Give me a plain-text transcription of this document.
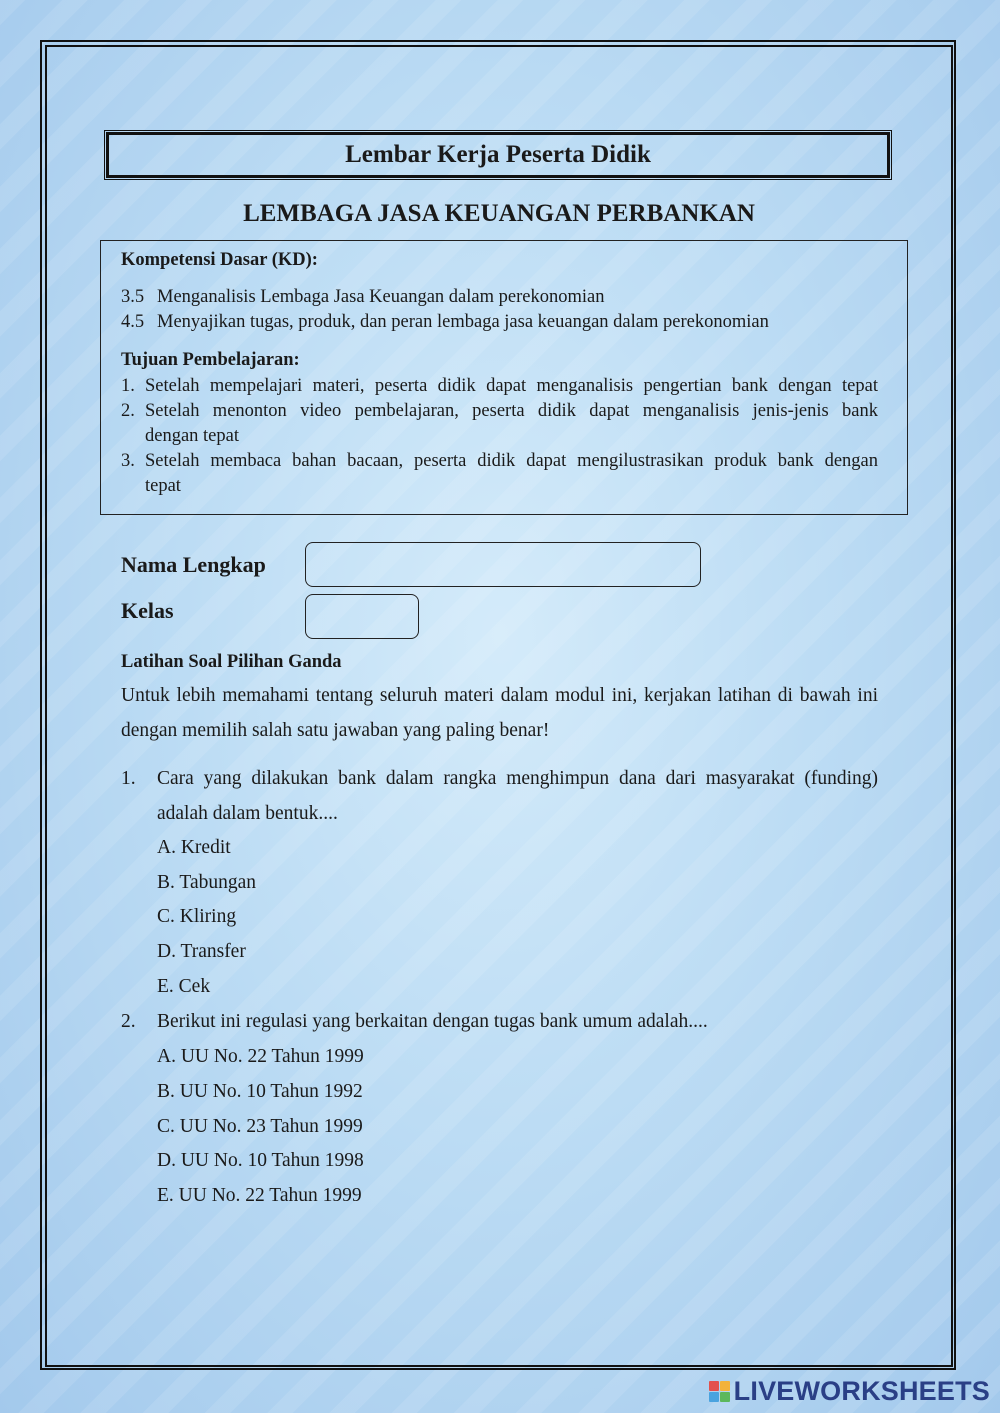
Lembar Kerja Peserta Didik
LEMBAGA JASA KEUANGAN PERBANKAN
Kompetensi Dasar (KD):
3.5 Menganalisis Lembaga Jasa Keuangan dalam perekonomian
4.5 Menyajikan tugas, produk, dan peran lembaga jasa keuangan dalam perekonomian
Tujuan Pembelajaran:
1. Setelah mempelajari materi, peserta didik dapat menganalisis pengertian bank dengan tepat
2. Setelah menonton video pembelajaran, peserta didik dapat menganalisis jenis-jenis bank
dengan tepat
3. Setelah membaca bahan bacaan, peserta didik dapat mengilustrasikan produk bank dengan
tepat
Nama Lengkap
Kelas
Latihan Soal Pilihan Ganda
Untuk lebih memahami tentang seluruh materi dalam modul ini, kerjakan latihan di bawah ini
dengan memilih salah satu jawaban yang paling benar!
1. Cara yang dilakukan bank dalam rangka menghimpun dana dari masyarakat (funding)
adalah dalam bentuk....
A. Kredit
B. Tabungan
C. Kliring
D. Transfer
E. Cek
2. Berikut ini regulasi yang berkaitan dengan tugas bank umum adalah....
A. UU No. 22 Tahun 1999
B. UU No. 10 Tahun 1992
C. UU No. 23 Tahun 1999
D. UU No. 10 Tahun 1998
E. UU No. 22 Tahun 1999
LIVEWORKSHEETS
